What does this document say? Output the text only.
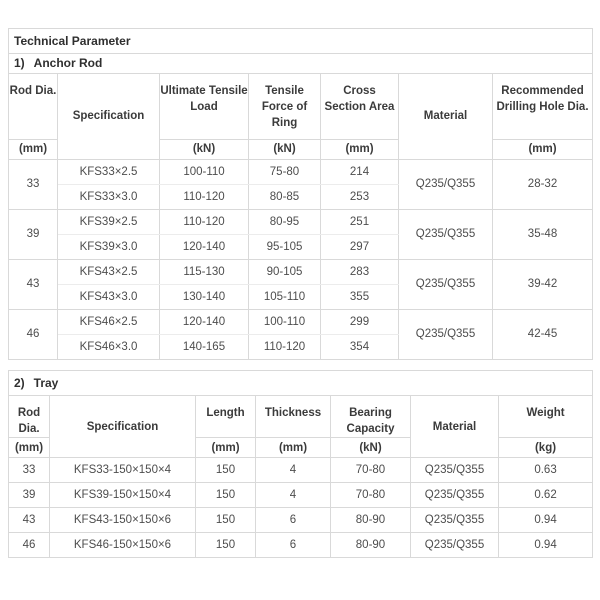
Technical Parameter						
1) Anchor Rod						
Rod Dia.	Specification	Ultimate Tensile Load	Tensile Force of Ring	Cross Section Area	Material	Recommended Drilling Hole Dia.
(mm)		(kN)	(kN)	(mm)		(mm)
33	KFS33×2.5	100-110	75-80	214	Q235/Q355	28-32
	KFS33×3.0	110-120	80-85	253		
39	KFS39×2.5	110-120	80-95	251	Q235/Q355	35-48
	KFS39×3.0	120-140	95-105	297		
43	KFS43×2.5	115-130	90-105	283	Q235/Q355	39-42
	KFS43×3.0	130-140	105-110	355		
46	KFS46×2.5	120-140	100-110	299	Q235/Q355	42-45
	KFS46×3.0	140-165	110-120	354		
2) Tray						
Rod Dia.	Specification	Length	Thickness	Bearing Capacity	Material	Weight
(mm)		(mm)	(mm)	(kN)		(kg)
33	KFS33-150×150×4	150	4	70-80	Q235/Q355	0.63
39	KFS39-150×150×4	150	4	70-80	Q235/Q355	0.62
43	KFS43-150×150×6	150	6	80-90	Q235/Q355	0.94
46	KFS46-150×150×6	150	6	80-90	Q235/Q355	0.94
